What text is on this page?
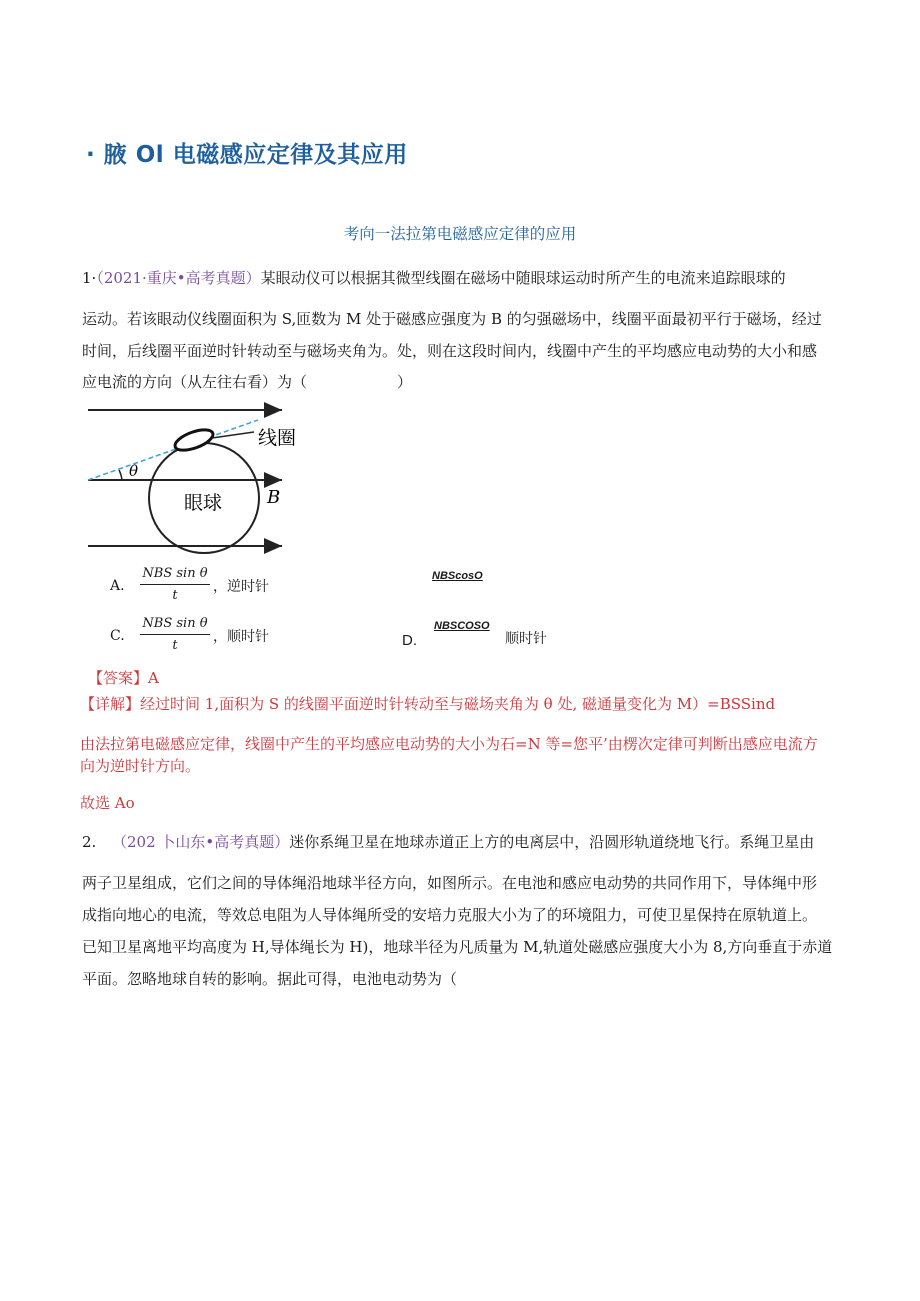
· 腋 Ol 电磁感应定律及其应用
考向一法拉第电磁感应定律的应用
1·（2021·重庆•高考真题）某眼动仪可以根据其微型线圈在磁场中随眼球运动时所产生的电流来追踪眼球的
运动。若该眼动仪线圈面积为 S,匝数为 M 处于磁感应强度为 B 的匀强磁场中，线圈平面最初平行于磁场，经过
时间，后线圈平面逆时针转动至与磁场夹角为。处，则在这段时间内，线圈中产生的平均感应电动势的大小和感
应电流的方向（从左往右看）为（　　　　　　）
θ
线圈
眼球 B
A.
NBS sin θ
t
，逆时针
NBScosO
C.
NBS sin θ
t
，顺时针	D.
NBSCOSO
顺时针
【答案】A
【详解】经过时间 1,面积为 S 的线圈平面逆时针转动至与磁场夹角为 θ 处, 磁通量变化为 M）=BSSind
由法拉第电磁感应定律，线圈中产生的平均感应电动势的大小为石=N 等=您平’由楞次定律可判断出感应电流方
向为逆时针方向。
故选 Ao
2. （202 卜山东•高考真题）迷你系绳卫星在地球赤道正上方的电离层中，沿圆形轨道绕地飞行。系绳卫星由
两子卫星组成，它们之间的导体绳沿地球半径方向，如图所示。在电池和感应电动势的共同作用下，导体绳中形
成指向地心的电流，等效总电阻为人导体绳所受的安培力克服大小为了的环境阻力，可使卫星保持在原轨道上。
已知卫星离地平均高度为 H,导体绳长为 H)，地球半径为凡质量为 M,轨道处磁感应强度大小为 8,方向垂直于赤道
平面。忽略地球自转的影响。据此可得，电池电动势为（
